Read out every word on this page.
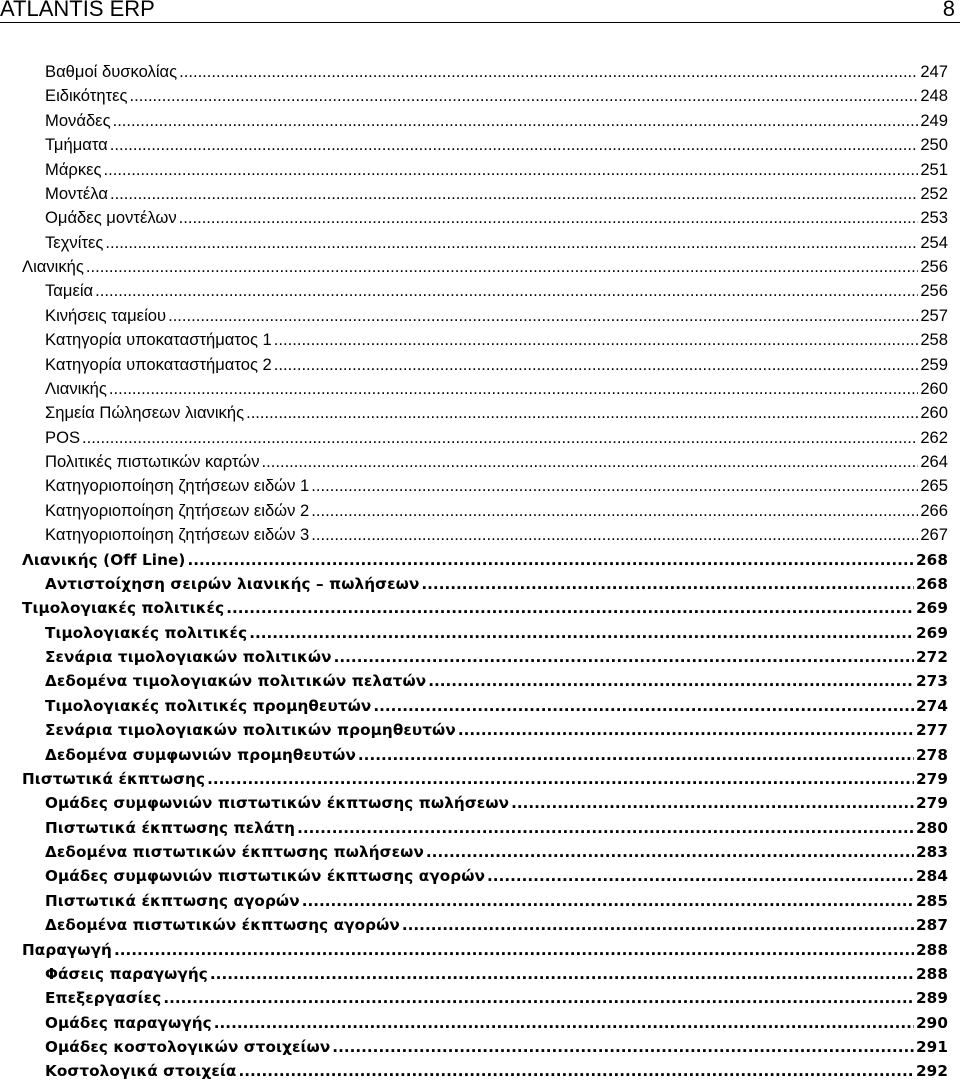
ATLANTIS ERP	8
Βαθμοί δυσκολίας .....	247
Ειδικότητες .....	248
Μονάδες .....	249
Τμήματα .....	250
Μάρκες .....	251
Μοντέλα .....	252
Ομάδες μοντέλων .....	253
Τεχνίτες .....	254
Λιανικής .....	256
Ταμεία .....	256
Κινήσεις ταμείου .....	257
Κατηγορία υποκαταστήματος 1 .....	258
Κατηγορία υποκαταστήματος 2 .....	259
Λιανικής .....	260
Σημεία Πώλησεων λιανικής .....	260
POS .....	262
Πολιτικές πιστωτικών καρτών .....	264
Κατηγοριοποίηση ζητήσεων ειδών 1 .....	265
Κατηγοριοποίηση ζητήσεων ειδών 2 .....	266
Κατηγοριοποίηση ζητήσεων ειδών 3 .....	267
Λιανικής (Off Line) .....	268
Αντιστοίχηση σειρών λιανικής – πωλήσεων .....	268
Τιμολογιακές πολιτικές .....	269
Τιμολογιακές πολιτικές .....	269
Σενάρια τιμολογιακών πολιτικών .....	272
Δεδομένα τιμολογιακών πολιτικών πελατών .....	273
Τιμολογιακές πολιτικές προμηθευτών .....	274
Σενάρια τιμολογιακών πολιτικών προμηθευτών .....	277
Δεδομένα συμφωνιών προμηθευτών .....	278
Πιστωτικά έκπτωσης .....	279
Ομάδες συμφωνιών πιστωτικών έκπτωσης πωλήσεων .....	279
Πιστωτικά έκπτωσης πελάτη .....	280
Δεδομένα πιστωτικών έκπτωσης πωλήσεων .....	283
Ομάδες συμφωνιών πιστωτικών έκπτωσης αγορών .....	284
Πιστωτικά έκπτωσης αγορών .....	285
Δεδομένα πιστωτικών έκπτωσης αγορών .....	287
Παραγωγή .....	288
Φάσεις παραγωγής .....	288
Επεξεργασίες .....	289
Ομάδες παραγωγής .....	290
Ομάδες κοστολογικών στοιχείων .....	291
Κοστολογικά στοιχεία .....	292
